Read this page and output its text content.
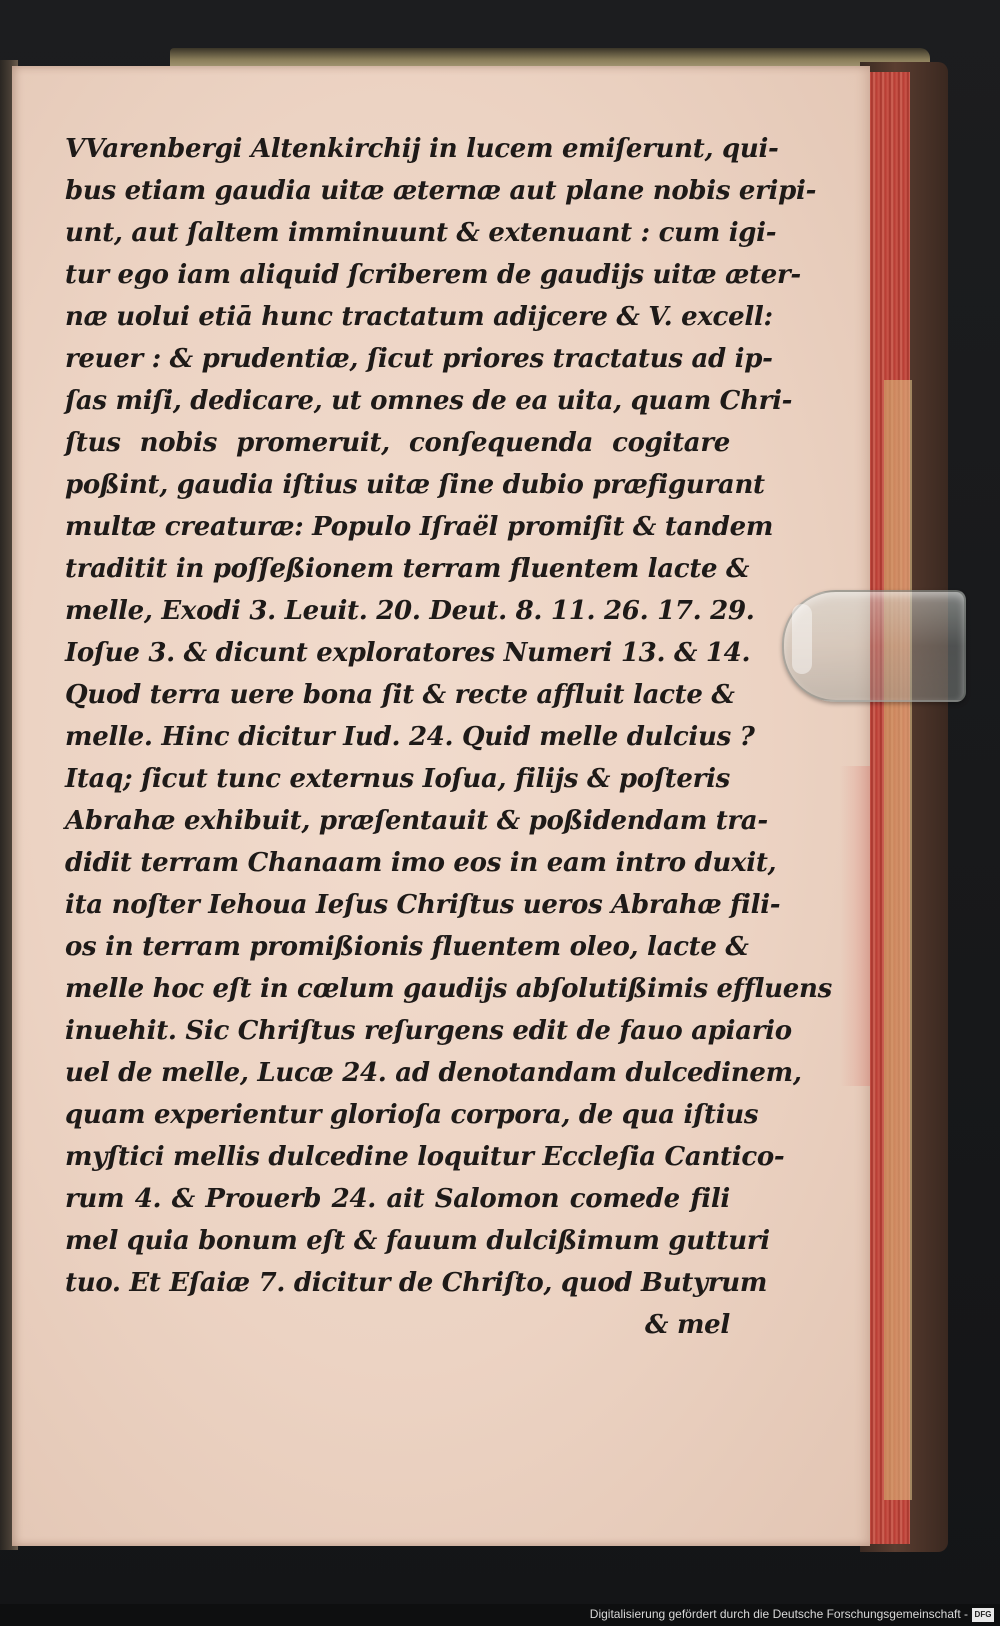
VVarenbergi Altenkirchij in lucem emiſerunt, qui-
bus etiam gaudia uitæ æternæ aut plane nobis eripi-
unt, aut ſaltem imminuunt & extenuant : cum igi-
tur ego iam aliquid ſcriberem de gaudijs uitæ æter-
næ uolui etiā hunc tractatum adijcere & V. excell:
reuer : & prudentiæ, ſicut priores tractatus ad ip-
ſas miſi, dedicare, ut omnes de ea uita, quam Chri-
ſtus nobis promeruit, conſequenda cogitare
poßint, gaudia iſtius uitæ ſine dubio præfigurant
multæ creaturæ: Populo Iſraël promiſit & tandem
traditit in poſſeßionem terram fluentem lacte &
melle, Exodi 3. Leuit. 20. Deut. 8. 11. 26. 17. 29.
Ioſue 3. & dicunt exploratores Numeri 13. & 14.
Quod terra uere bona ſit & recte affluit lacte &
melle. Hinc dicitur Iud. 24. Quid melle dulcius ?
Itaq; ſicut tunc externus Ioſua, filijs & poſteris
Abrahæ exhibuit, præſentauit & poßidendam tra-
didit terram Chanaam imo eos in eam intro duxit,
ita noſter Iehoua Ieſus Chriſtus ueros Abrahæ fili-
os in terram promißionis fluentem oleo, lacte &
melle hoc eſt in cœlum gaudijs abſolutißimis effluens
inuehit. Sic Chriſtus reſurgens edit de fauo apiario
uel de melle, Lucæ 24. ad denotandam dulcedinem,
quam experientur glorioſa corpora, de qua iſtius
myſtici mellis dulcedine loquitur Eccleſia Cantico-
rum 4. & Prouerb 24. ait Salomon comede fili
mel quia bonum eſt & fauum dulcißimum gutturi
tuo. Et Eſaiæ 7. dicitur de Chriſto, quod Butyrum
& mel
Digitalisierung gefördert durch die Deutsche Forschungsgemeinschaft - DFG
